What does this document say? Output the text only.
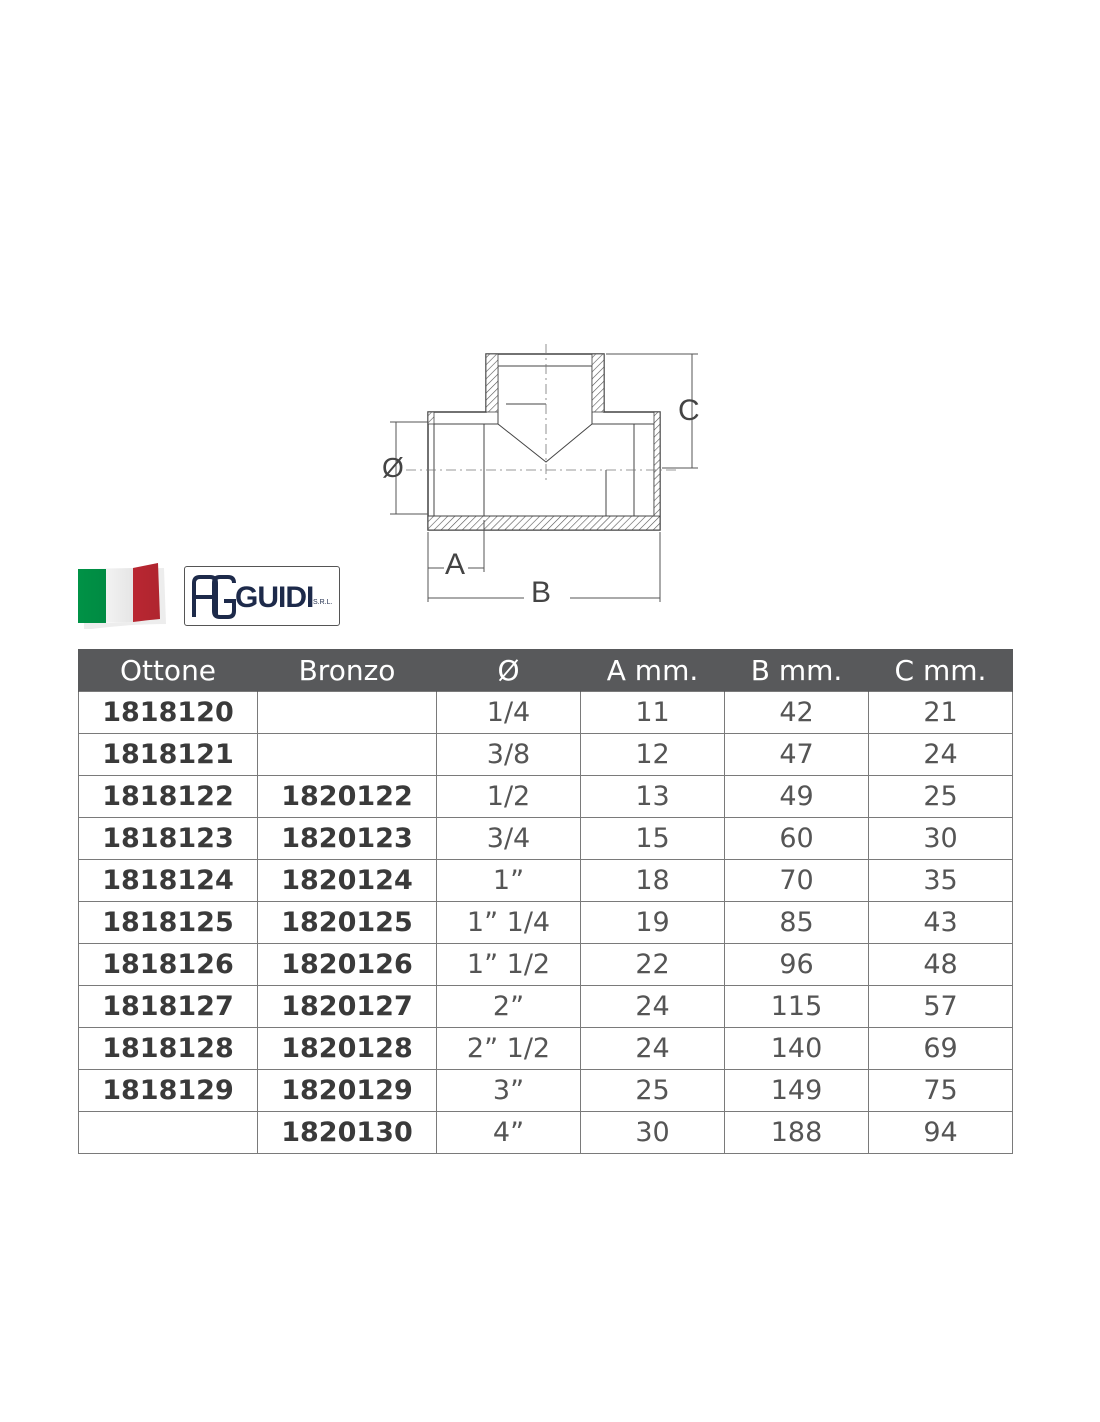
Ø
C
A
B
GUIDI S.R.L.
Ottone	Bronzo	Ø	A mm.	B mm.	C mm.
1818120		1/4	11	42	21
1818121		3/8	12	47	24
1818122	1820122	1/2	13	49	25
1818123	1820123	3/4	15	60	30
1818124	1820124	1”	18	70	35
1818125	1820125	1” 1/4	19	85	43
1818126	1820126	1” 1/2	22	96	48
1818127	1820127	2”	24	115	57
1818128	1820128	2” 1/2	24	140	69
1818129	1820129	3”	25	149	75
	1820130	4”	30	188	94
